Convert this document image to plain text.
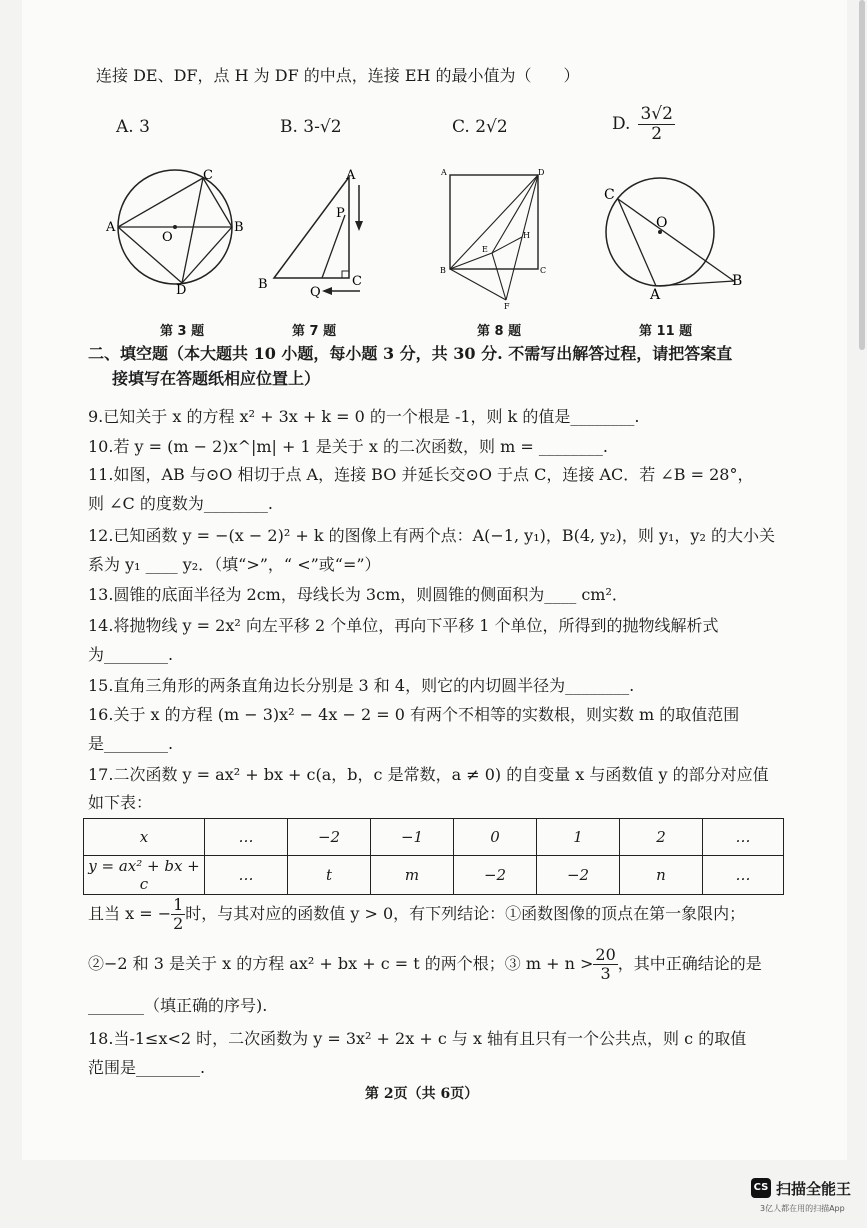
连接 DE、DF，点 H 为 DF 的中点，连接 EH 的最小值为（　　）
A. 3	B. 3-√2	C. 2√2	D. $\frac{3√2}{2}$
A	B
C
D
O
A
P
B
Q
C
A	D
E
H
B	C
F
C
O
A
B
第 3 题	第 7 题	第 8 题	第 11 题
二、填空题（本大题共 10 小题，每小题 3 分，共 30 分. 不需写出解答过程，请把答案直
接填写在答题纸相应位置上）
9.已知关于 x 的方程 x² + 3x + k = 0 的一个根是 -1，则 k 的值是________.
10.若 y = (m − 2)x^|m| + 1 是关于 x 的二次函数，则 m = ________.
11.如图，AB 与⊙O 相切于点 A，连接 BO 并延长交⊙O 于点 C，连接 AC．若 ∠B = 28°，
则 ∠C 的度数为________.
12.已知函数 y = −(x − 2)² + k 的图像上有两个点：A(−1, y₁)，B(4, y₂)，则 y₁，y₂ 的大小关
系为 y₁ ____ y₂．（填“>”，“ <”或“=”）
13.圆锥的底面半径为 2cm，母线长为 3cm，则圆锥的侧面积为____ cm²．
14.将抛物线 y = 2x² 向左平移 2 个单位，再向下平移 1 个单位，所得到的抛物线解析式
为________.
15.直角三角形的两条直角边长分别是 3 和 4，则它的内切圆半径为________.
16.关于 x 的方程 (m − 3)x² − 4x − 2 = 0 有两个不相等的实数根，则实数 m 的取值范围
是________.
17.二次函数 y = ax² + bx + c(a，b，c 是常数，a ≠ 0) 的自变量 x 与函数值 y 的部分对应值
如下表：
x	…	−2	−1	0	1	2	…
y = ax² + bx + c	…	t	m	−2	−2	n	…
且当 x = − $\frac{1}{2}$ 时，与其对应的函数值 y > 0，有下列结论：①函数图像的顶点在第一象限内；
②−2 和 3 是关于 x 的方程 ax² + bx + c = t 的两个根；③ $m + n > \frac{20}{3}$ ，其中正确结论的是
_______（填正确的序号).
18.当-1≤x<2 时，二次函数为 y = 3x² + 2x + c 与 x 轴有且只有一个公共点，则 c 的取值
范围是________.
第 2页（共 6页）
CS 扫描全能王
3亿人都在用的扫描App
